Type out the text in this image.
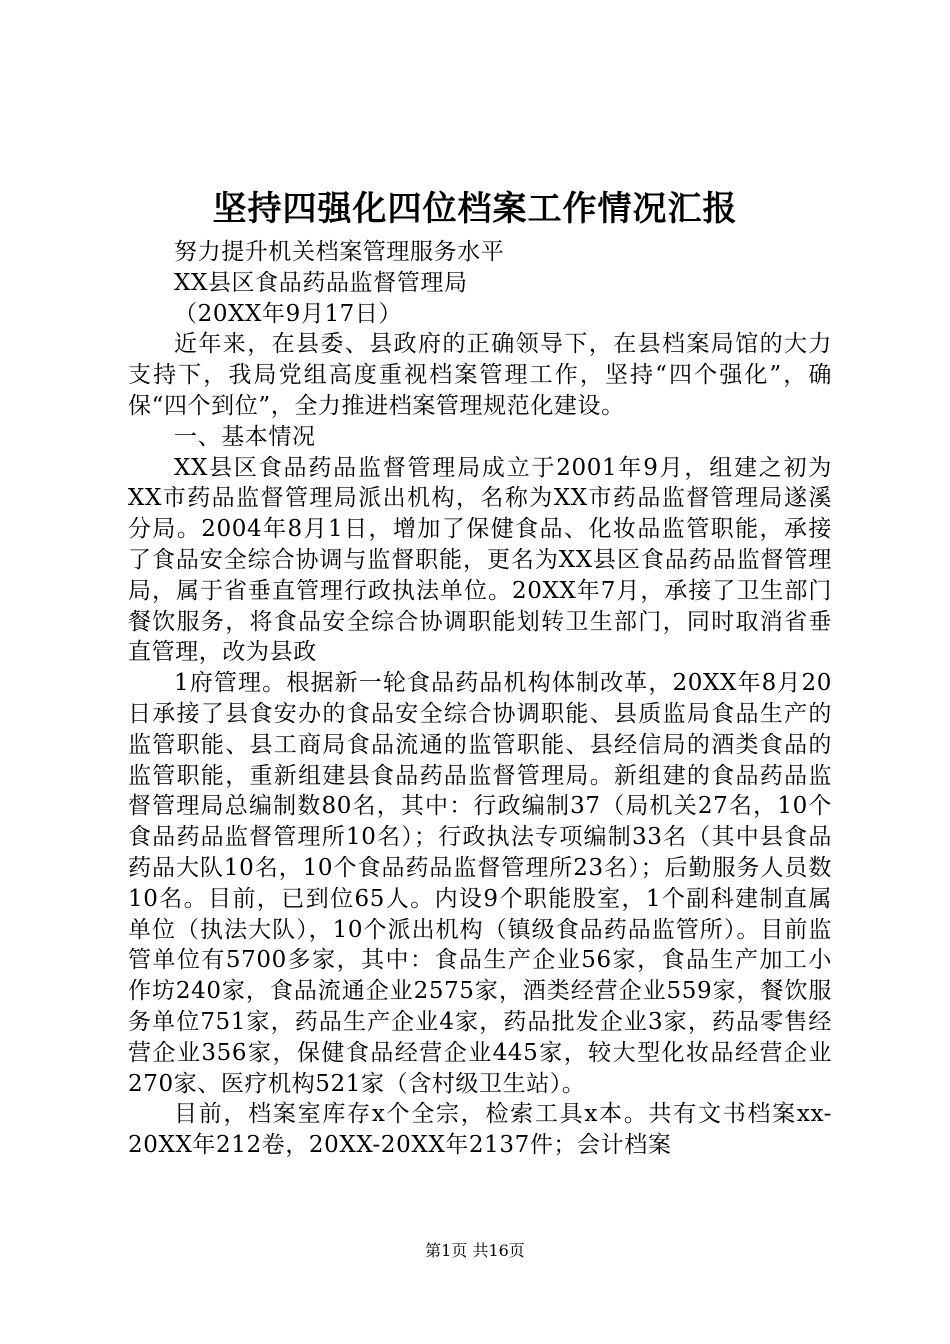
坚持四强化四位档案工作情况汇报

努力提升机关档案管理服务水平

XX县区食品药品监督管理局

（20XX年9月17日）

近年来，在县委、县政府的正确领导下，在县档案局馆的大力支持下，我局党组高度重视档案管理工作，坚持“四个强化”，确保“四个到位”，全力推进档案管理规范化建设。

一、基本情况

XX县区食品药品监督管理局成立于2001年9月，组建之初为XX市药品监督管理局派出机构，名称为XX市药品监督管理局遂溪分局。2004年8月1日，增加了保健食品、化妆品监管职能，承接了食品安全综合协调与监督职能，更名为XX县区食品药品监督管理局，属于省垂直管理行政执法单位。20XX年7月，承接了卫生部门餐饮服务，将食品安全综合协调职能划转卫生部门，同时取消省垂直管理，改为县政

1府管理。根据新一轮食品药品机构体制改革，20XX年8月20日承接了县食安办的食品安全综合协调职能、县质监局食品生产的监管职能、县工商局食品流通的监管职能、县经信局的酒类食品的监管职能，重新组建县食品药品监督管理局。新组建的食品药品监督管理局总编制数80名，其中：行政编制37（局机关27名，10个食品药品监督管理所10名）；行政执法专项编制33名（其中县食品药品大队10名，10个食品药品监督管理所23名）；后勤服务人员数10名。目前，已到位65人。内设9个职能股室，1个副科建制直属单位（执法大队），10个派出机构（镇级食品药品监管所）。目前监管单位有5700多家，其中：食品生产企业56家，食品生产加工小作坊240家，食品流通企业2575家，酒类经营企业559家，餐饮服务单位751家，药品生产企业4家，药品批发企业3家，药品零售经营企业356家，保健食品经营企业445家，较大型化妆品经营企业270家、医疗机构521家（含村级卫生站）。

目前，档案室库存x个全宗，检索工具x本。共有文书档案xx-20XX年212卷，20XX-20XX年2137件；会计档案

第1页 共16页
